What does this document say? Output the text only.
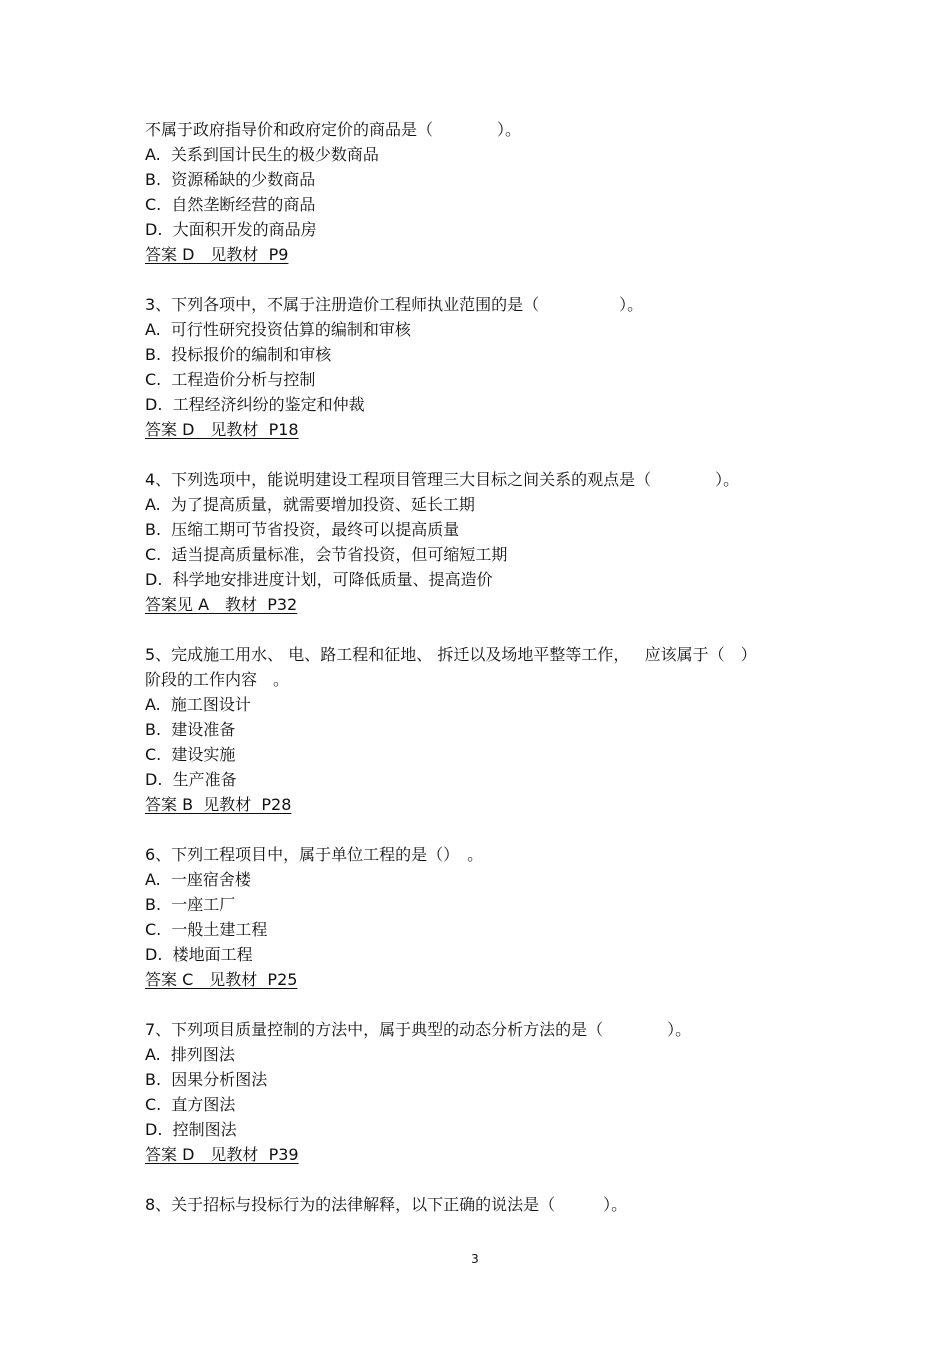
不属于政府指导价和政府定价的商品是（　　　　）。
A.  关系到国计民生的极少数商品
B.  资源稀缺的少数商品
C.  自然垄断经营的商品
D.  大面积开发的商品房
答案 D　见教材  P9
3、下列各项中，不属于注册造价工程师执业范围的是（　　　　　）。
A.  可行性研究投资估算的编制和审核
B.  投标报价的编制和审核
C.  工程造价分析与控制
D.  工程经济纠纷的鉴定和仲裁
答案 D　见教材  P18
4、下列选项中，能说明建设工程项目管理三大目标之间关系的观点是（　　　　）。
A.  为了提高质量，就需要增加投资、延长工期
B.  压缩工期可节省投资，最终可以提高质量
C.  适当提高质量标准，会节省投资，但可缩短工期
D.  科学地安排进度计划，可降低质量、提高造价
答案见 A　教材  P32
5、完成施工用水、 电、路工程和征地、 拆迁以及场地平整等工作，   应该属于（　）
阶段的工作内容　。
A.  施工图设计
B.  建设准备
C.  建设实施
D.  生产准备
答案 B  见教材  P28
6、下列工程项目中，属于单位工程的是（）　。
A.  一座宿舍楼
B.  一座工厂
C.  一般土建工程
D.  楼地面工程
答案 C　见教材  P25
7、下列项目质量控制的方法中，属于典型的动态分析方法的是（　　　　）。
A.  排列图法
B.  因果分析图法
C.  直方图法
D.  控制图法
答案 D　见教材  P39
8、关于招标与投标行为的法律解释，以下正确的说法是（　　　）。
3
